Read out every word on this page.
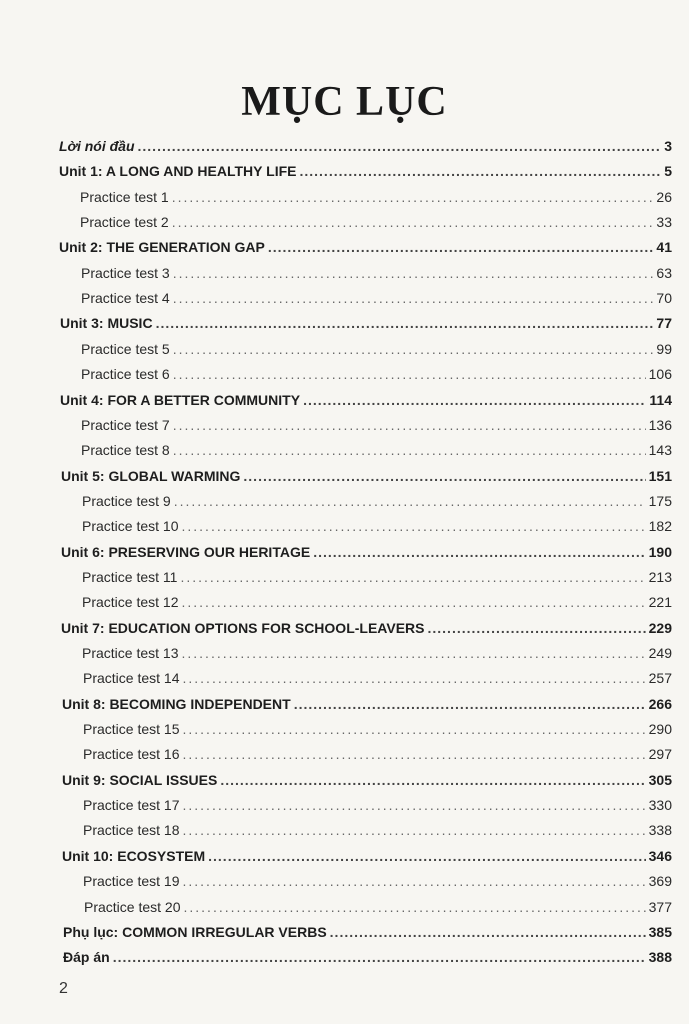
MỤC LỤC
Lời nói đầu .....	3
Unit 1: A LONG AND HEALTHY LIFE .....	5
Practice test 1 .....	26
Practice test 2 .....	33
Unit 2: THE GENERATION GAP .....	41
Practice test 3 .....	63
Practice test 4 .....	70
Unit 3: MUSIC .....	77
Practice test 5 .....	99
Practice test 6 .....	106
Unit 4: FOR A BETTER COMMUNITY .....	114
Practice test 7 .....	136
Practice test 8 .....	143
Unit 5: GLOBAL WARMING .....	151
Practice test 9 .....	175
Practice test 10 .....	182
Unit 6: PRESERVING OUR HERITAGE .....	190
Practice test 11 .....	213
Practice test 12 .....	221
Unit 7: EDUCATION OPTIONS FOR SCHOOL-LEAVERS .....	229
Practice test 13 .....	249
Practice test 14 .....	257
Unit 8: BECOMING INDEPENDENT .....	266
Practice test 15 .....	290
Practice test 16 .....	297
Unit 9: SOCIAL ISSUES .....	305
Practice test 17 .....	330
Practice test 18 .....	338
Unit 10: ECOSYSTEM .....	346
Practice test 19 .....	369
Practice test 20 .....	377
Phụ lục: COMMON IRREGULAR VERBS .....	385
Đáp án .....	388
2
